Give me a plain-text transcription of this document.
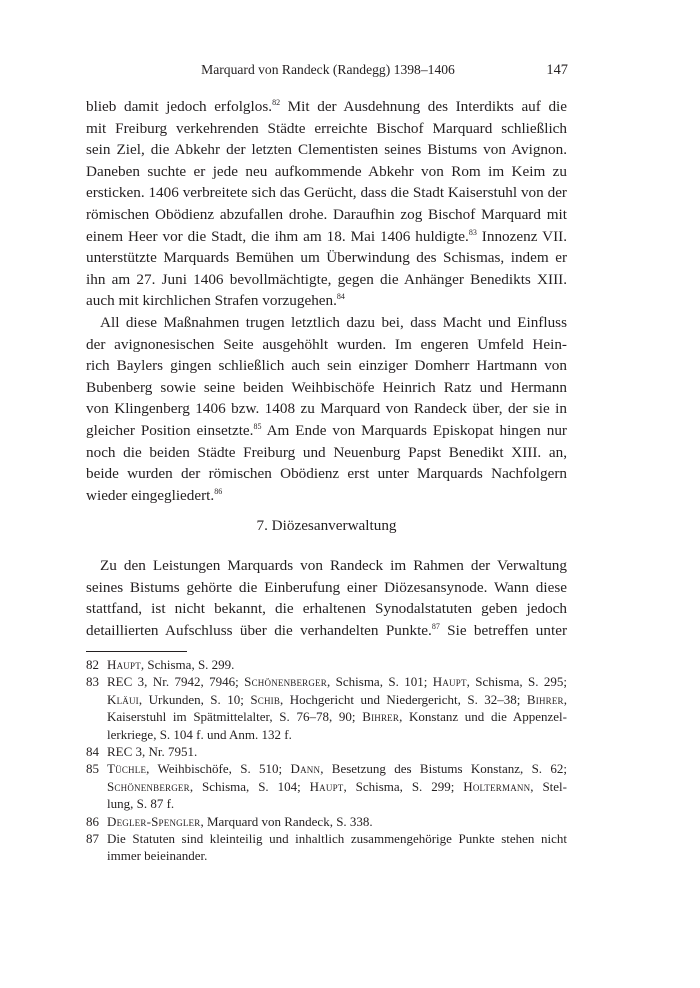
Marquard von Randeck (Randegg) 1398–1406	147
blieb damit jedoch erfolglos.$^{82}$ Mit der Ausdehnung des Interdikts auf die
mit Freiburg verkehrenden Städte erreichte Bischof Marquard schließlich
sein Ziel, die Abkehr der letzten Clementisten seines Bistums von Avignon.
Daneben suchte er jede neu aufkommende Abkehr von Rom im Keim zu
ersticken. 1406 verbreitete sich das Gerücht, dass die Stadt Kaiserstuhl von der
römischen Obödienz abzufallen drohe. Daraufhin zog Bischof Marquard mit
einem Heer vor die Stadt, die ihm am 18. Mai 1406 huldigte.$^{83}$ Innozenz VII.
unterstützte Marquards Bemühen um Überwindung des Schismas, indem er
ihn am 27. Juni 1406 bevollmächtigte, gegen die Anhänger Benedikts XIII.
auch mit kirchlichen Strafen vorzugehen.$^{84}$
All diese Maßnahmen trugen letztlich dazu bei, dass Macht und Einfluss
der avignonesischen Seite ausgehöhlt wurden. Im engeren Umfeld Hein-
rich Baylers gingen schließlich auch sein einziger Domherr Hartmann von
Bubenberg sowie seine beiden Weihbischöfe Heinrich Ratz und Hermann
von Klingenberg 1406 bzw. 1408 zu Marquard von Randeck über, der sie in
gleicher Position einsetzte.$^{85}$ Am Ende von Marquards Episkopat hingen nur
noch die beiden Städte Freiburg und Neuenburg Papst Benedikt XIII. an,
beide wurden der römischen Obödienz erst unter Marquards Nachfolgern
wieder eingegliedert.$^{86}$
7. Diözesanverwaltung
Zu den Leistungen Marquards von Randeck im Rahmen der Verwaltung
seines Bistums gehörte die Einberufung einer Diözesansynode. Wann diese
stattfand, ist nicht bekannt, die erhaltenen Synodalstatuten geben jedoch
detaillierten Aufschluss über die verhandelten Punkte.$^{87}$ Sie betreffen unter
82 Haupt, Schisma, S. 299.
83 REC 3, Nr. 7942, 7946; Schönenberger, Schisma, S. 101; Haupt, Schisma, S. 295;
Kläui, Urkunden, S. 10; Schib, Hochgericht und Niedergericht, S. 32–38; Bihrer,
Kaiserstuhl im Spätmittelalter, S. 76–78, 90; Bihrer, Konstanz und die Appenzel-
lerkriege, S. 104 f. und Anm. 132 f.
84 REC 3, Nr. 7951.
85 Tüchle, Weihbischöfe, S. 510; Dann, Besetzung des Bistums Konstanz, S. 62;
Schönenberger, Schisma, S. 104; Haupt, Schisma, S. 299; Holtermann, Stel-
lung, S. 87 f.
86 Degler-Spengler, Marquard von Randeck, S. 338.
87 Die Statuten sind kleinteilig und inhaltlich zusammengehörige Punkte stehen nicht
immer beieinander.
